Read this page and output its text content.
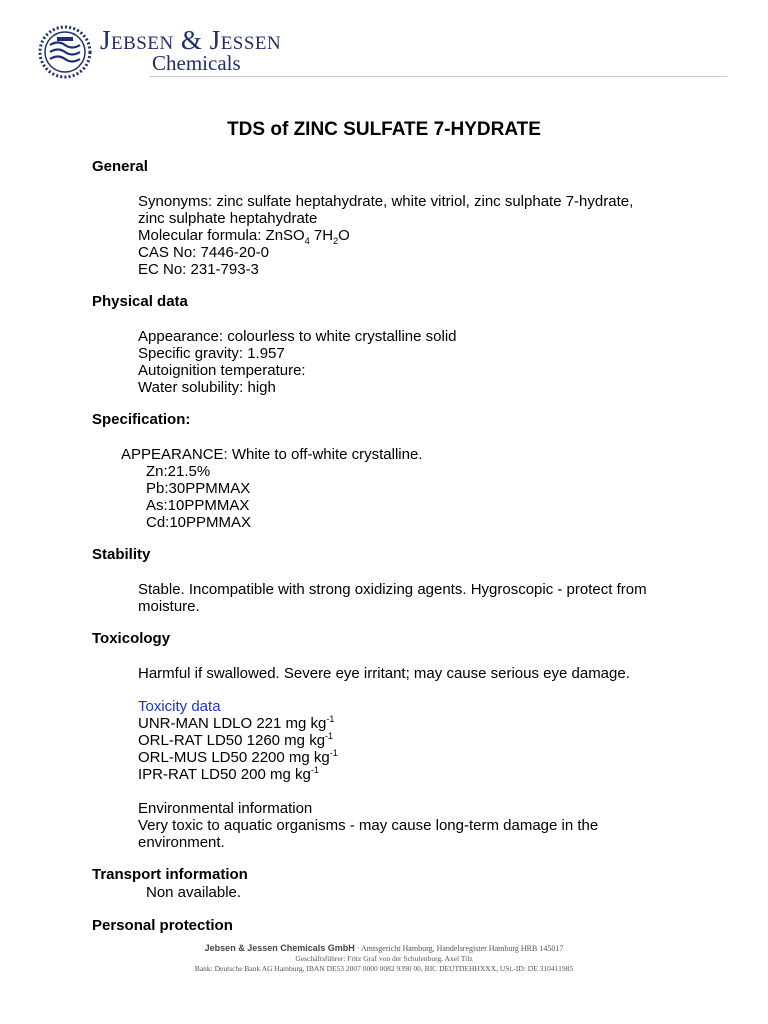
Jebsen & Jessen
Chemicals
TDS of ZINC SULFATE 7-HYDRATE
General

Synonyms: zinc sulfate heptahydrate, white vitriol, zinc sulphate 7-hydrate,

zinc sulphate heptahydrate

Molecular formula: ZnSO$_4$ $7H_2O$

CAS No: 7446-20-0

EC No: 231-793-3

Physical data

Appearance: colourless to white crystalline solid

Specific gravity: 1.957

Autoignition temperature:

Water solubility: high

Specification:

APPEARANCE: White to off-white crystalline.

Zn:21.5%

Pb:30PPMMAX

As:10PPMMAX

Cd:10PPMMAX

Stability

Stable. Incompatible with strong oxidizing agents. Hygroscopic - protect from

moisture.

Toxicology

Harmful if swallowed. Severe eye irritant; may cause serious eye damage.

Toxicity data

UNR-MAN LDLO 221 mg $kg^{-1}$

ORL-RAT LD50 1260 mg $kg^{-1}$

ORL-MUS LD50 2200 mg $kg^{-1}$

IPR-RAT LD50 200 mg $kg^{-1}$

Environmental information

Very toxic to aquatic organisms - may cause long-term damage in the

environment.

Transport information

Non available.

Personal protection
Jebsen & Jessen Chemicals GmbH · Amtsgericht Hamburg, Handelsregister Hamburg HRB 145017
Geschäftsführer: Fritz Graf von der Schulenburg, Axel Tilz
Bank: Deutsche Bank AG Hamburg, IBAN DE53 2007 0000 0082 9390 00, BIC DEUTDEHHXXX, USt.-ID: DE 310411985
